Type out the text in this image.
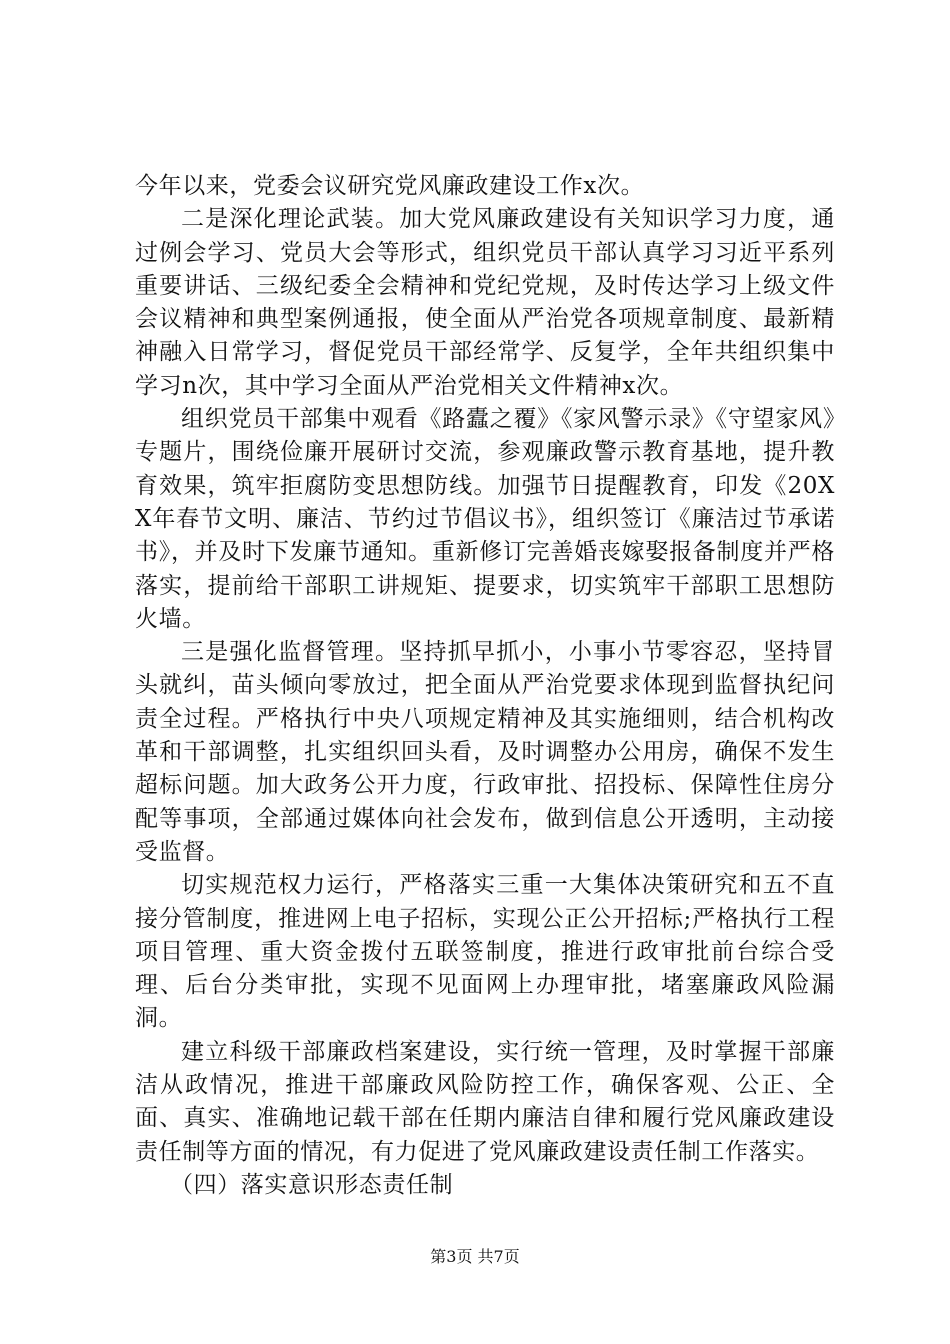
今年以来，党委会议研究党风廉政建设工作x次。

二是深化理论武装。加大党风廉政建设有关知识学习力度，通过例会学习、党员大会等形式，组织党员干部认真学习习近平系列重要讲话、三级纪委全会精神和党纪党规，及时传达学习上级文件会议精神和典型案例通报，使全面从严治党各项规章制度、最新精神融入日常学习，督促党员干部经常学、反复学，全年共组织集中学习n次，其中学习全面从严治党相关文件精神x次。

组织党员干部集中观看《路蠹之覆》《家风警示录》《守望家风》专题片，围绕俭廉开展研讨交流，参观廉政警示教育基地，提升教育效果，筑牢拒腐防变思想防线。加强节日提醒教育，印发《20XX年春节文明、廉洁、节约过节倡议书》，组织签订《廉洁过节承诺书》，并及时下发廉节通知。重新修订完善婚丧嫁娶报备制度并严格落实，提前给干部职工讲规矩、提要求，切实筑牢干部职工思想防火墙。

三是强化监督管理。坚持抓早抓小，小事小节零容忍，坚持冒头就纠，苗头倾向零放过，把全面从严治党要求体现到监督执纪问责全过程。严格执行中央八项规定精神及其实施细则，结合机构改革和干部调整，扎实组织回头看，及时调整办公用房，确保不发生超标问题。加大政务公开力度，行政审批、招投标、保障性住房分配等事项，全部通过媒体向社会发布，做到信息公开透明，主动接受监督。

切实规范权力运行，严格落实三重一大集体决策研究和五不直接分管制度，推进网上电子招标，实现公正公开招标;严格执行工程项目管理、重大资金拨付五联签制度，推进行政审批前台综合受理、后台分类审批，实现不见面网上办理审批，堵塞廉政风险漏洞。

建立科级干部廉政档案建设，实行统一管理，及时掌握干部廉洁从政情况，推进干部廉政风险防控工作，确保客观、公正、全面、真实、准确地记载干部在任期内廉洁自律和履行党风廉政建设责任制等方面的情况，有力促进了党风廉政建设责任制工作落实。

（四）落实意识形态责任制

第3页 共7页
